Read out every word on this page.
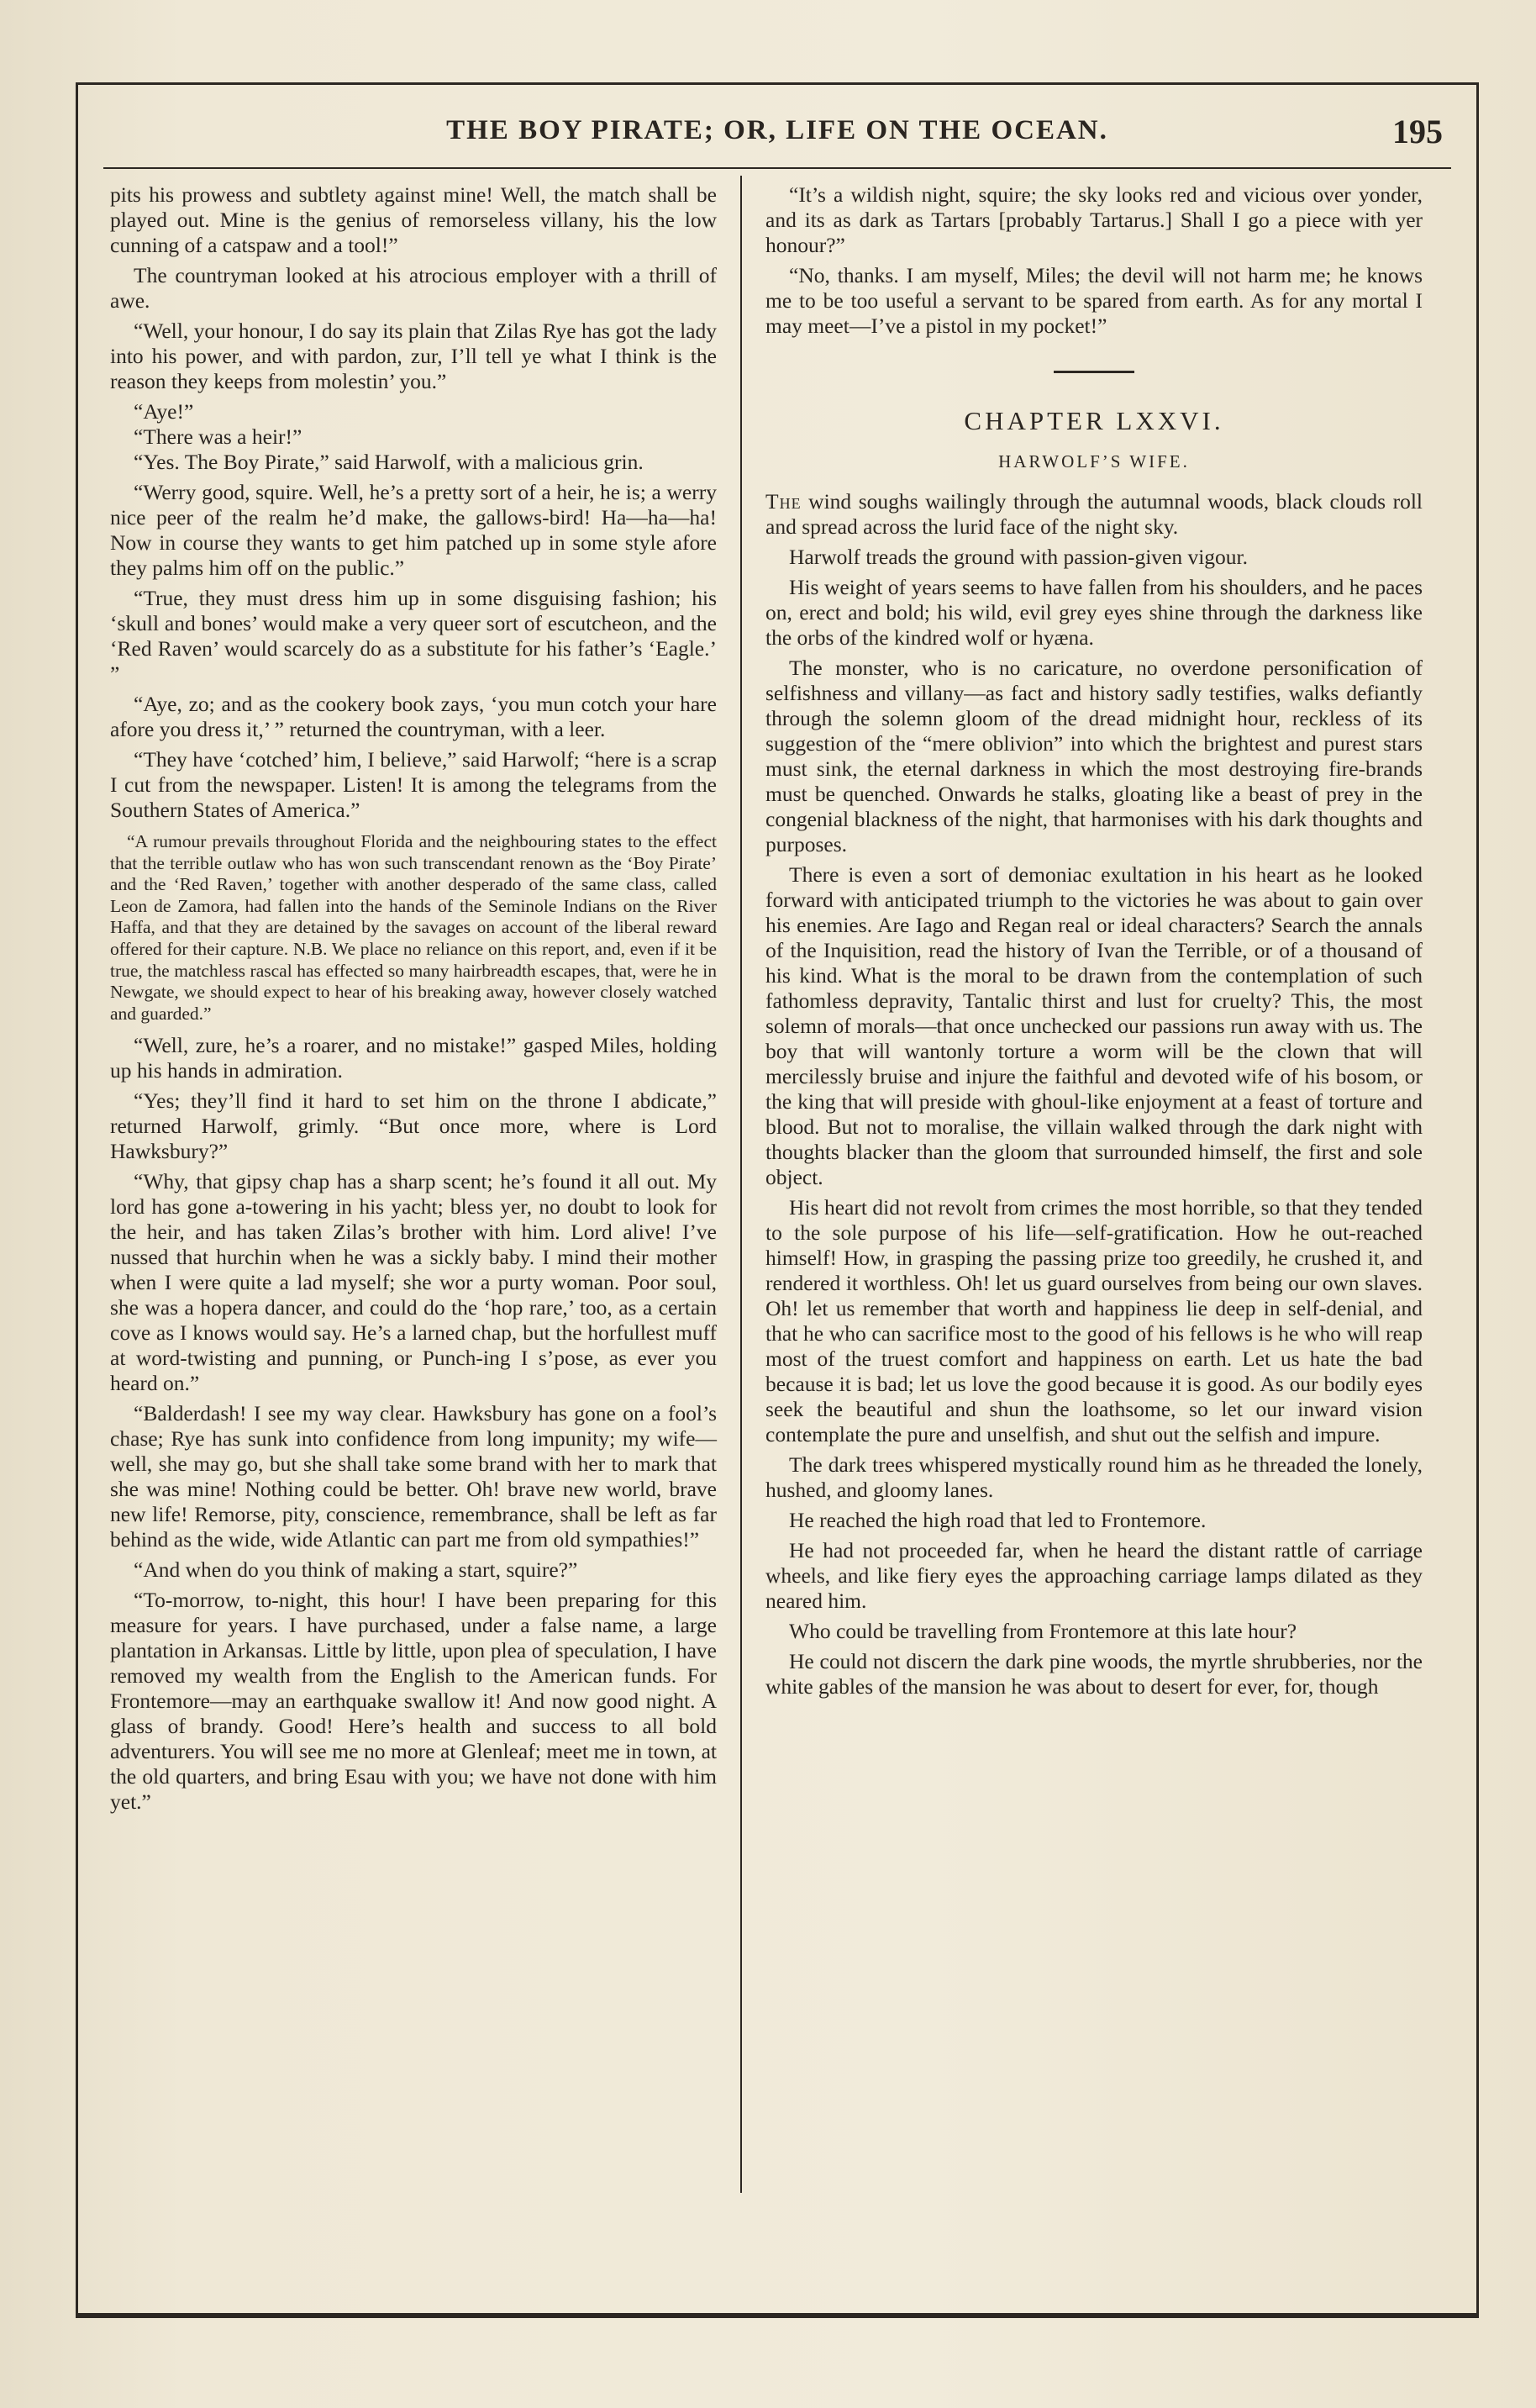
THE BOY PIRATE; OR, LIFE ON THE OCEAN.	195

pits his prowess and subtlety against mine! Well, the match shall be played out. Mine is the genius of remorseless villany, his the low cunning of a catspaw and a tool!”

The countryman looked at his atrocious employer with a thrill of awe.

“Well, your honour, I do say its plain that Zilas Rye has got the lady into his power, and with pardon, zur, I’ll tell ye what I think is the reason they keeps from molestin’ you.”

“Aye!”

“There was a heir!”

“Yes. The Boy Pirate,” said Harwolf, with a malicious grin.

“Werry good, squire. Well, he’s a pretty sort of a heir, he is; a werry nice peer of the realm he’d make, the gallows-bird! Ha—ha—ha! Now in course they wants to get him patched up in some style afore they palms him off on the public.”

“True, they must dress him up in some disguising fashion; his ‘skull and bones’ would make a very queer sort of escutcheon, and the ‘Red Raven’ would scarcely do as a substitute for his father’s ‘Eagle.’ ”

“Aye, zo; and as the cookery book zays, ‘you mun cotch your hare afore you dress it,’ ” returned the countryman, with a leer.

“They have ‘cotched’ him, I believe,” said Harwolf; “here is a scrap I cut from the newspaper. Listen! It is among the telegrams from the Southern States of America.”

“A rumour prevails throughout Florida and the neighbouring states to the effect that the terrible outlaw who has won such transcendant renown as the ‘Boy Pirate’ and the ‘Red Raven,’ together with another desperado of the same class, called Leon de Zamora, had fallen into the hands of the Seminole Indians on the River Haffa, and that they are detained by the savages on account of the liberal reward offered for their capture. N.B. We place no reliance on this report, and, even if it be true, the matchless rascal has effected so many hairbreadth escapes, that, were he in Newgate, we should expect to hear of his breaking away, however closely watched and guarded.”

“Well, zure, he’s a roarer, and no mistake!” gasped Miles, holding up his hands in admiration.

“Yes; they’ll find it hard to set him on the throne I abdicate,” returned Harwolf, grimly. “But once more, where is Lord Hawksbury?”

“Why, that gipsy chap has a sharp scent; he’s found it all out. My lord has gone a-towering in his yacht; bless yer, no doubt to look for the heir, and has taken Zilas’s brother with him. Lord alive! I’ve nussed that hurchin when he was a sickly baby. I mind their mother when I were quite a lad myself; she wor a purty woman. Poor soul, she was a hopera dancer, and could do the ‘hop rare,’ too, as a certain cove as I knows would say. He’s a larned chap, but the horfullest muff at word-twisting and punning, or Punch-ing I s’pose, as ever you heard on.”

“Balderdash! I see my way clear. Hawksbury has gone on a fool’s chase; Rye has sunk into confidence from long impunity; my wife—well, she may go, but she shall take some brand with her to mark that she was mine! Nothing could be better. Oh! brave new world, brave new life! Remorse, pity, conscience, remembrance, shall be left as far behind as the wide, wide Atlantic can part me from old sympathies!”

“And when do you think of making a start, squire?”

“To-morrow, to-night, this hour! I have been preparing for this measure for years. I have purchased, under a false name, a large plantation in Arkansas. Little by little, upon plea of speculation, I have removed my wealth from the English to the American funds. For Frontemore—may an earthquake swallow it! And now good night. A glass of brandy. Good! Here’s health and success to all bold adventurers. You will see me no more at Glenleaf; meet me in town, at the old quarters, and bring Esau with you; we have not done with him yet.”

“It’s a wildish night, squire; the sky looks red and vicious over yonder, and its as dark as Tartars [probably Tartarus.] Shall I go a piece with yer honour?”

“No, thanks. I am myself, Miles; the devil will not harm me; he knows me to be too useful a servant to be spared from earth. As for any mortal I may meet—I’ve a pistol in my pocket!”

CHAPTER LXXVI.
HARWOLF’S WIFE.

The wind soughs wailingly through the autumnal woods, black clouds roll and spread across the lurid face of the night sky.

Harwolf treads the ground with passion-given vigour.

His weight of years seems to have fallen from his shoulders, and he paces on, erect and bold; his wild, evil grey eyes shine through the darkness like the orbs of the kindred wolf or hyæna.

The monster, who is no caricature, no overdone personification of selfishness and villany—as fact and history sadly testifies, walks defiantly through the solemn gloom of the dread midnight hour, reckless of its suggestion of the “mere oblivion” into which the brightest and purest stars must sink, the eternal darkness in which the most destroying fire-brands must be quenched. Onwards he stalks, gloating like a beast of prey in the congenial blackness of the night, that harmonises with his dark thoughts and purposes.

There is even a sort of demoniac exultation in his heart as he looked forward with anticipated triumph to the victories he was about to gain over his enemies. Are Iago and Regan real or ideal characters? Search the annals of the Inquisition, read the history of Ivan the Terrible, or of a thousand of his kind. What is the moral to be drawn from the contemplation of such fathomless depravity, Tantalic thirst and lust for cruelty? This, the most solemn of morals—that once unchecked our passions run away with us. The boy that will wantonly torture a worm will be the clown that will mercilessly bruise and injure the faithful and devoted wife of his bosom, or the king that will preside with ghoul-like enjoyment at a feast of torture and blood. But not to moralise, the villain walked through the dark night with thoughts blacker than the gloom that surrounded himself, the first and sole object.

His heart did not revolt from crimes the most horrible, so that they tended to the sole purpose of his life—self-gratification. How he out-reached himself! How, in grasping the passing prize too greedily, he crushed it, and rendered it worthless. Oh! let us guard ourselves from being our own slaves. Oh! let us remember that worth and happiness lie deep in self-denial, and that he who can sacrifice most to the good of his fellows is he who will reap most of the truest comfort and happiness on earth. Let us hate the bad because it is bad; let us love the good because it is good. As our bodily eyes seek the beautiful and shun the loathsome, so let our inward vision contemplate the pure and unselfish, and shut out the selfish and impure.

The dark trees whispered mystically round him as he threaded the lonely, hushed, and gloomy lanes.

He reached the high road that led to Frontemore.

He had not proceeded far, when he heard the distant rattle of carriage wheels, and like fiery eyes the approaching carriage lamps dilated as they neared him.

Who could be travelling from Frontemore at this late hour?

He could not discern the dark pine woods, the myrtle shrubberies, nor the white gables of the mansion he was about to desert for ever, for, though
